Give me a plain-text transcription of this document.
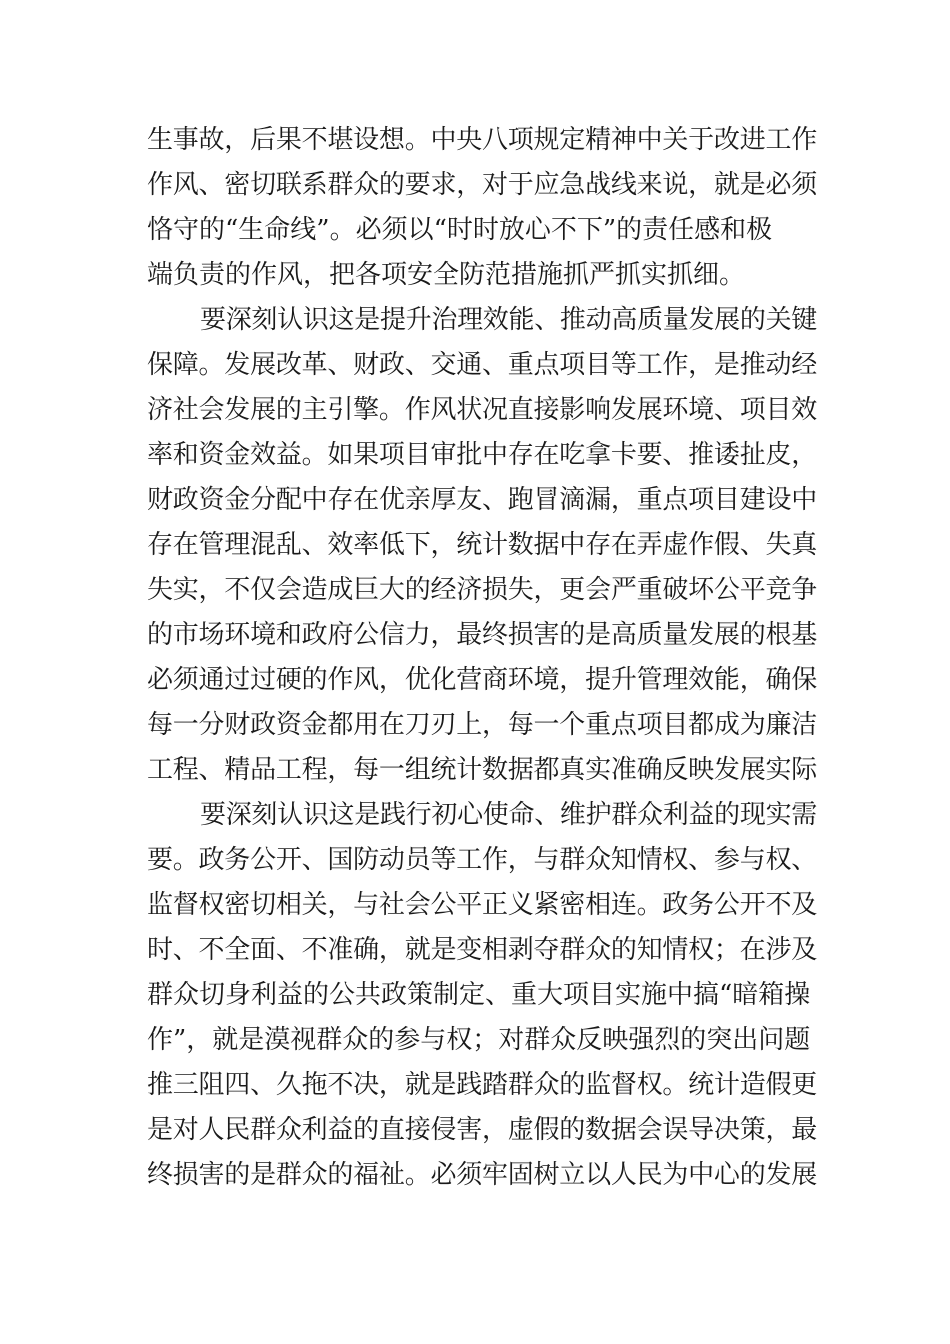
生事故，后果不堪设想。中央八项规定精神中关于改进工作
作风、密切联系群众的要求，对于应急战线来说，就是必须
恪守的“生命线”。必须以“时时放心不下”的责任感和极
端负责的作风，把各项安全防范措施抓严抓实抓细。
要深刻认识这是提升治理效能、推动高质量发展的关键
保障。发展改革、财政、交通、重点项目等工作，是推动经
济社会发展的主引擎。作风状况直接影响发展环境、项目效
率和资金效益。如果项目审批中存在吃拿卡要、推诿扯皮，
财政资金分配中存在优亲厚友、跑冒滴漏，重点项目建设中
存在管理混乱、效率低下，统计数据中存在弄虚作假、失真
失实，不仅会造成巨大的经济损失，更会严重破坏公平竞争
的市场环境和政府公信力，最终损害的是高质量发展的根基
必须通过过硬的作风，优化营商环境，提升管理效能，确保
每一分财政资金都用在刀刃上，每一个重点项目都成为廉洁
工程、精品工程，每一组统计数据都真实准确反映发展实际
要深刻认识这是践行初心使命、维护群众利益的现实需
要。政务公开、国防动员等工作，与群众知情权、参与权、
监督权密切相关，与社会公平正义紧密相连。政务公开不及
时、不全面、不准确，就是变相剥夺群众的知情权；在涉及
群众切身利益的公共政策制定、重大项目实施中搞“暗箱操
作”，就是漠视群众的参与权；对群众反映强烈的突出问题
推三阻四、久拖不决，就是践踏群众的监督权。统计造假更
是对人民群众利益的直接侵害，虚假的数据会误导决策，最
终损害的是群众的福祉。必须牢固树立以人民为中心的发展
